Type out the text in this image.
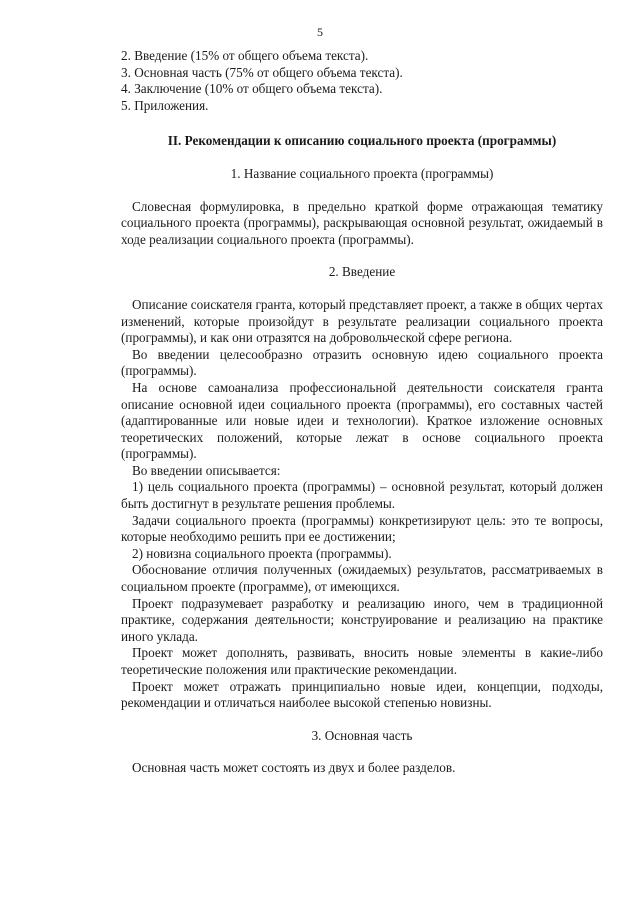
5

2. Введение (15% от общего объема текста).

3. Основная часть (75% от общего объема текста).

4. Заключение (10% от общего объема текста).

5. Приложения.

II. Рекомендации к описанию социального проекта (программы)
1. Название социального проекта (программы)

Словесная формулировка, в предельно краткой форме отражающая тематику социального проекта (программы), раскрывающая основной результат, ожидаемый в ходе реализации социального проекта (программы).

2. Введение

Описание соискателя гранта, который представляет проект, а также в общих чертах изменений, которые произойдут в результате реализации социального проекта (программы), и как они отразятся на добровольческой сфере региона.

Во введении целесообразно отразить основную идею социального проекта (программы).

На основе самоанализа профессиональной деятельности соискателя гранта описание основной идеи социального проекта (программы), его составных частей (адаптированные или новые идеи и технологии). Краткое изложение основных теоретических положений, которые лежат в основе социального проекта (программы).

Во введении описывается:

1) цель социального проекта (программы) – основной результат, который должен быть достигнут в результате решения проблемы.

Задачи социального проекта (программы) конкретизируют цель: это те вопросы, которые необходимо решить при ее достижении;

2) новизна социального проекта (программы).

Обоснование отличия полученных (ожидаемых) результатов, рассматриваемых в социальном проекте (программе), от имеющихся.

Проект подразумевает разработку и реализацию иного, чем в традиционной практике, содержания деятельности; конструирование и реализацию на практике иного уклада.

Проект может дополнять, развивать, вносить новые элементы в какие-либо теоретические положения или практические рекомендации.

Проект может отражать принципиально новые идеи, концепции, подходы, рекомендации и отличаться наиболее высокой степенью новизны.

3. Основная часть

Основная часть может состоять из двух и более разделов.
